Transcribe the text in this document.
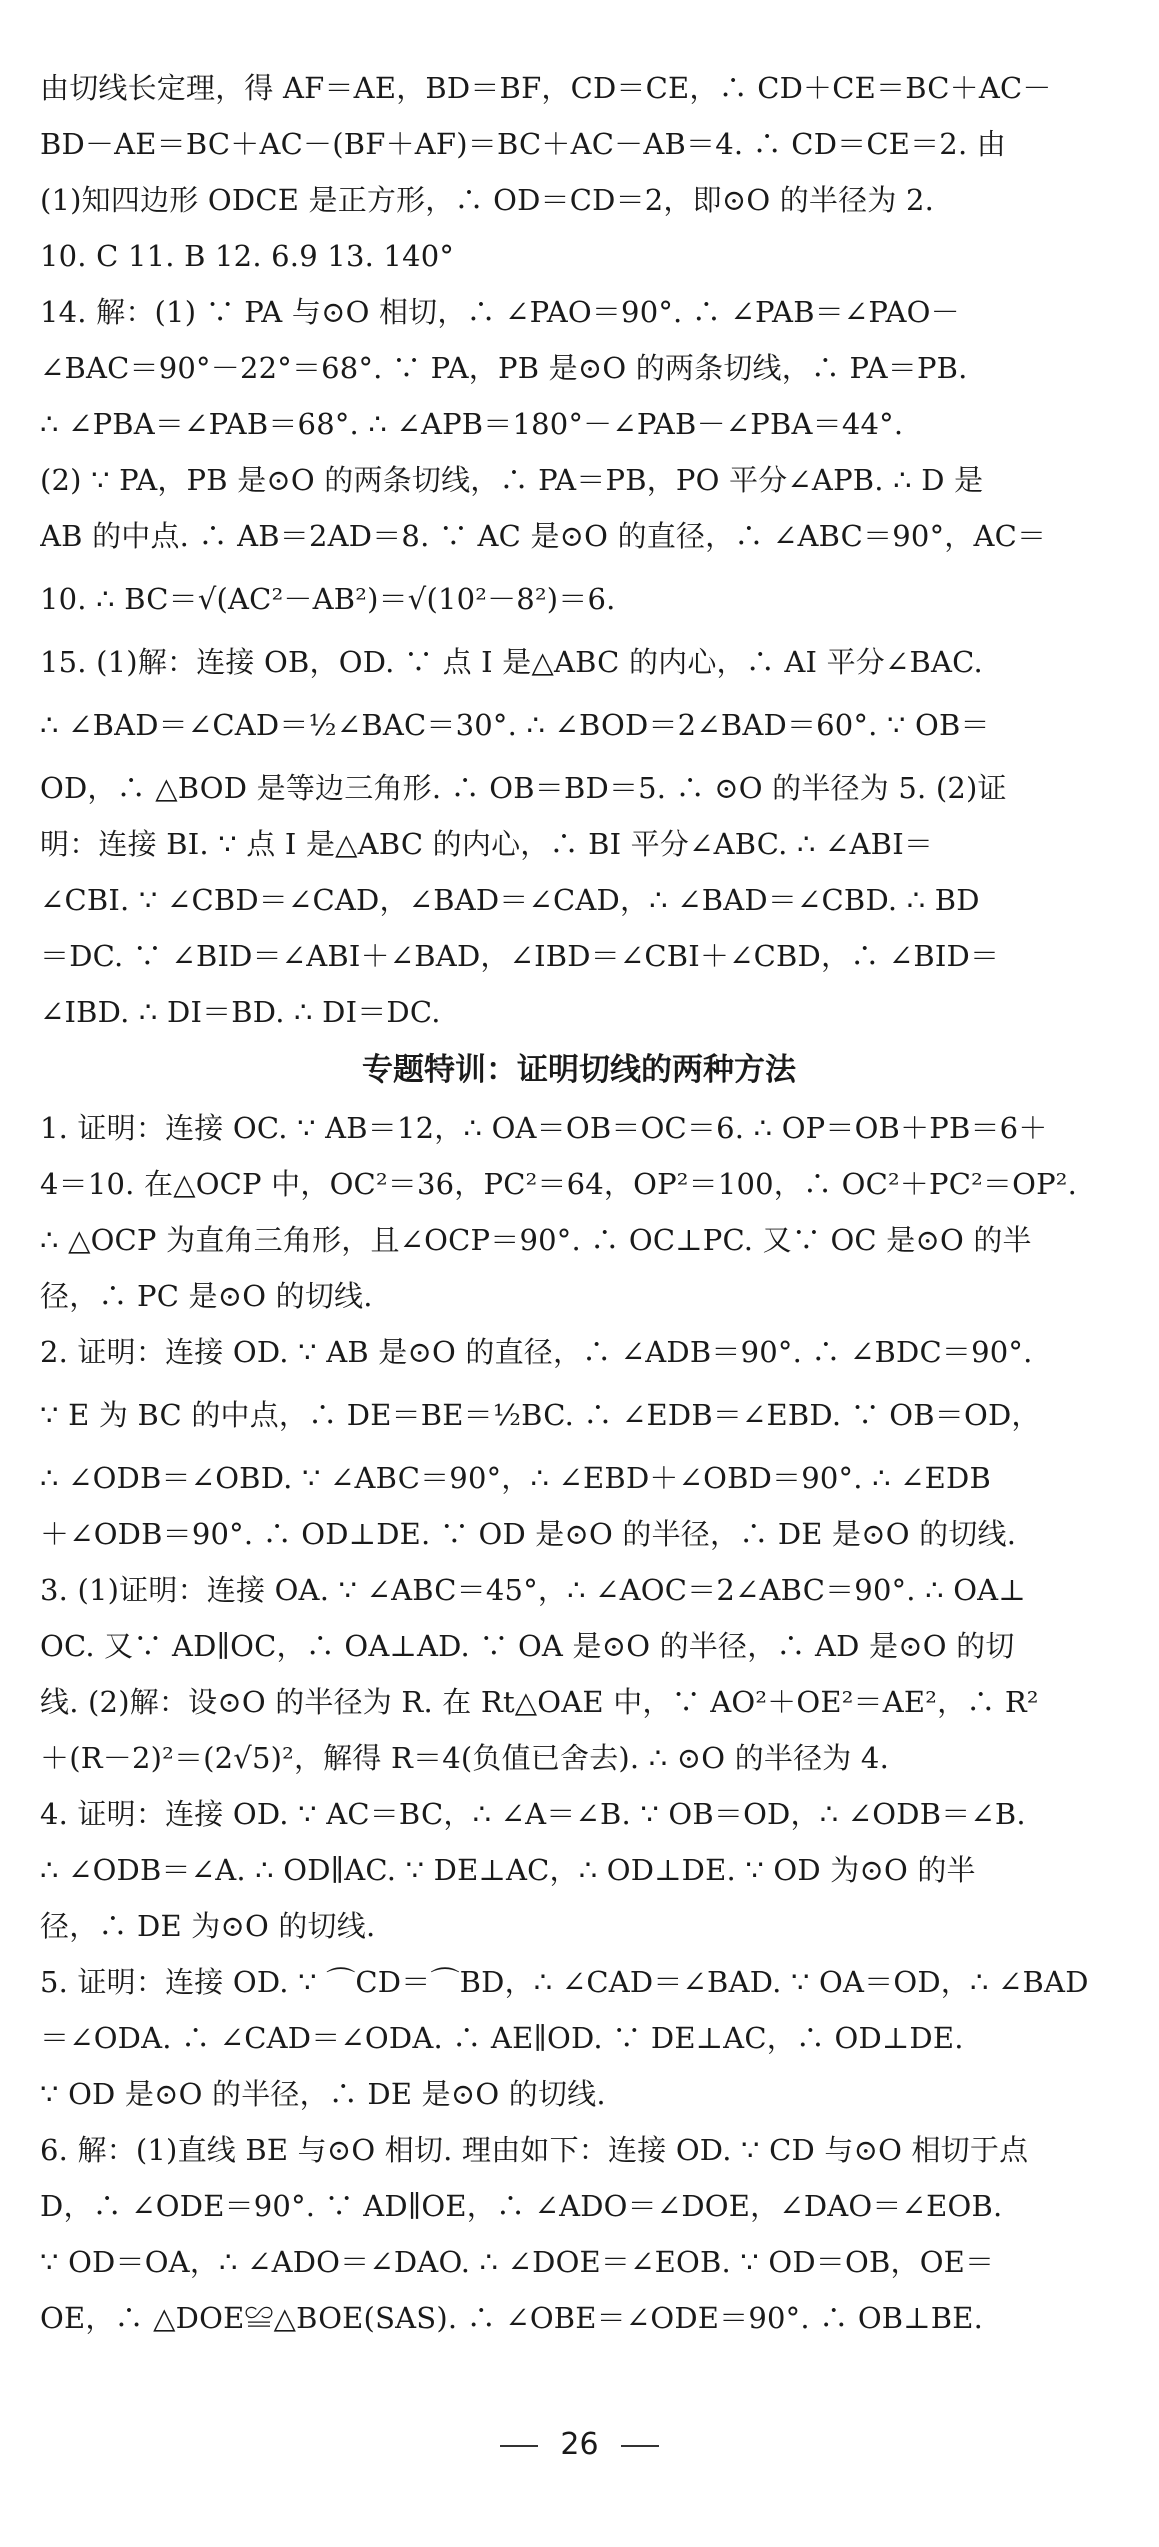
由切线长定理，得 AF＝AE，BD＝BF，CD＝CE，∴ CD＋CE＝BC＋AC－
BD－AE＝BC＋AC－(BF＋AF)＝BC＋AC－AB＝4. ∴ CD＝CE＝2. 由
(1)知四边形 ODCE 是正方形，∴ OD＝CD＝2，即⊙O 的半径为 2.
10. C 11. B 12. 6.9 13. 140°
14. 解：(1) ∵ PA 与⊙O 相切，∴ ∠PAO＝90°. ∴ ∠PAB＝∠PAO－
∠BAC＝90°－22°＝68°. ∵ PA，PB 是⊙O 的两条切线，∴ PA＝PB.
∴ ∠PBA＝∠PAB＝68°. ∴ ∠APB＝180°－∠PAB－∠PBA＝44°.
(2) ∵ PA，PB 是⊙O 的两条切线，∴ PA＝PB，PO 平分∠APB. ∴ D 是
AB 的中点. ∴ AB＝2AD＝8. ∵ AC 是⊙O 的直径，∴ ∠ABC＝90°，AC＝
10. ∴ BC＝√(AC²－AB²)＝√(10²－8²)＝6.
15. (1)解：连接 OB，OD. ∵ 点 I 是△ABC 的内心，∴ AI 平分∠BAC.
∴ ∠BAD＝∠CAD＝½∠BAC＝30°. ∴ ∠BOD＝2∠BAD＝60°. ∵ OB＝
OD，∴ △BOD 是等边三角形. ∴ OB＝BD＝5. ∴ ⊙O 的半径为 5. (2)证
明：连接 BI. ∵ 点 I 是△ABC 的内心，∴ BI 平分∠ABC. ∴ ∠ABI＝
∠CBI. ∵ ∠CBD＝∠CAD，∠BAD＝∠CAD，∴ ∠BAD＝∠CBD. ∴ BD
＝DC. ∵ ∠BID＝∠ABI＋∠BAD，∠IBD＝∠CBI＋∠CBD，∴ ∠BID＝
∠IBD. ∴ DI＝BD. ∴ DI＝DC.
专题特训：证明切线的两种方法
1. 证明：连接 OC. ∵ AB＝12，∴ OA＝OB＝OC＝6. ∴ OP＝OB＋PB＝6＋
4＝10. 在△OCP 中，OC²＝36，PC²＝64，OP²＝100，∴ OC²＋PC²＝OP².
∴ △OCP 为直角三角形，且∠OCP＝90°. ∴ OC⊥PC. 又∵ OC 是⊙O 的半
径，∴ PC 是⊙O 的切线.
2. 证明：连接 OD. ∵ AB 是⊙O 的直径，∴ ∠ADB＝90°. ∴ ∠BDC＝90°.
∵ E 为 BC 的中点，∴ DE＝BE＝½BC. ∴ ∠EDB＝∠EBD. ∵ OB＝OD，
∴ ∠ODB＝∠OBD. ∵ ∠ABC＝90°，∴ ∠EBD＋∠OBD＝90°. ∴ ∠EDB
＋∠ODB＝90°. ∴ OD⊥DE. ∵ OD 是⊙O 的半径，∴ DE 是⊙O 的切线.
3. (1)证明：连接 OA. ∵ ∠ABC＝45°，∴ ∠AOC＝2∠ABC＝90°. ∴ OA⊥
OC. 又∵ AD∥OC，∴ OA⊥AD. ∵ OA 是⊙O 的半径，∴ AD 是⊙O 的切
线. (2)解：设⊙O 的半径为 R. 在 Rt△OAE 中，∵ AO²＋OE²＝AE²，∴ R²
＋(R－2)²＝(2√5)²，解得 R＝4(负值已舍去). ∴ ⊙O 的半径为 4.
4. 证明：连接 OD. ∵ AC＝BC，∴ ∠A＝∠B. ∵ OB＝OD，∴ ∠ODB＝∠B.
∴ ∠ODB＝∠A. ∴ OD∥AC. ∵ DE⊥AC，∴ OD⊥DE. ∵ OD 为⊙O 的半
径，∴ DE 为⊙O 的切线.
5. 证明：连接 OD. ∵ ⌒CD＝⌒BD，∴ ∠CAD＝∠BAD. ∵ OA＝OD，∴ ∠BAD
＝∠ODA. ∴ ∠CAD＝∠ODA. ∴ AE∥OD. ∵ DE⊥AC，∴ OD⊥DE.
∵ OD 是⊙O 的半径，∴ DE 是⊙O 的切线.
6. 解：(1)直线 BE 与⊙O 相切. 理由如下：连接 OD. ∵ CD 与⊙O 相切于点
D，∴ ∠ODE＝90°. ∵ AD∥OE，∴ ∠ADO＝∠DOE，∠DAO＝∠EOB.
∵ OD＝OA，∴ ∠ADO＝∠DAO. ∴ ∠DOE＝∠EOB. ∵ OD＝OB，OE＝
OE，∴ △DOE≌△BOE(SAS). ∴ ∠OBE＝∠ODE＝90°. ∴ OB⊥BE.
26
